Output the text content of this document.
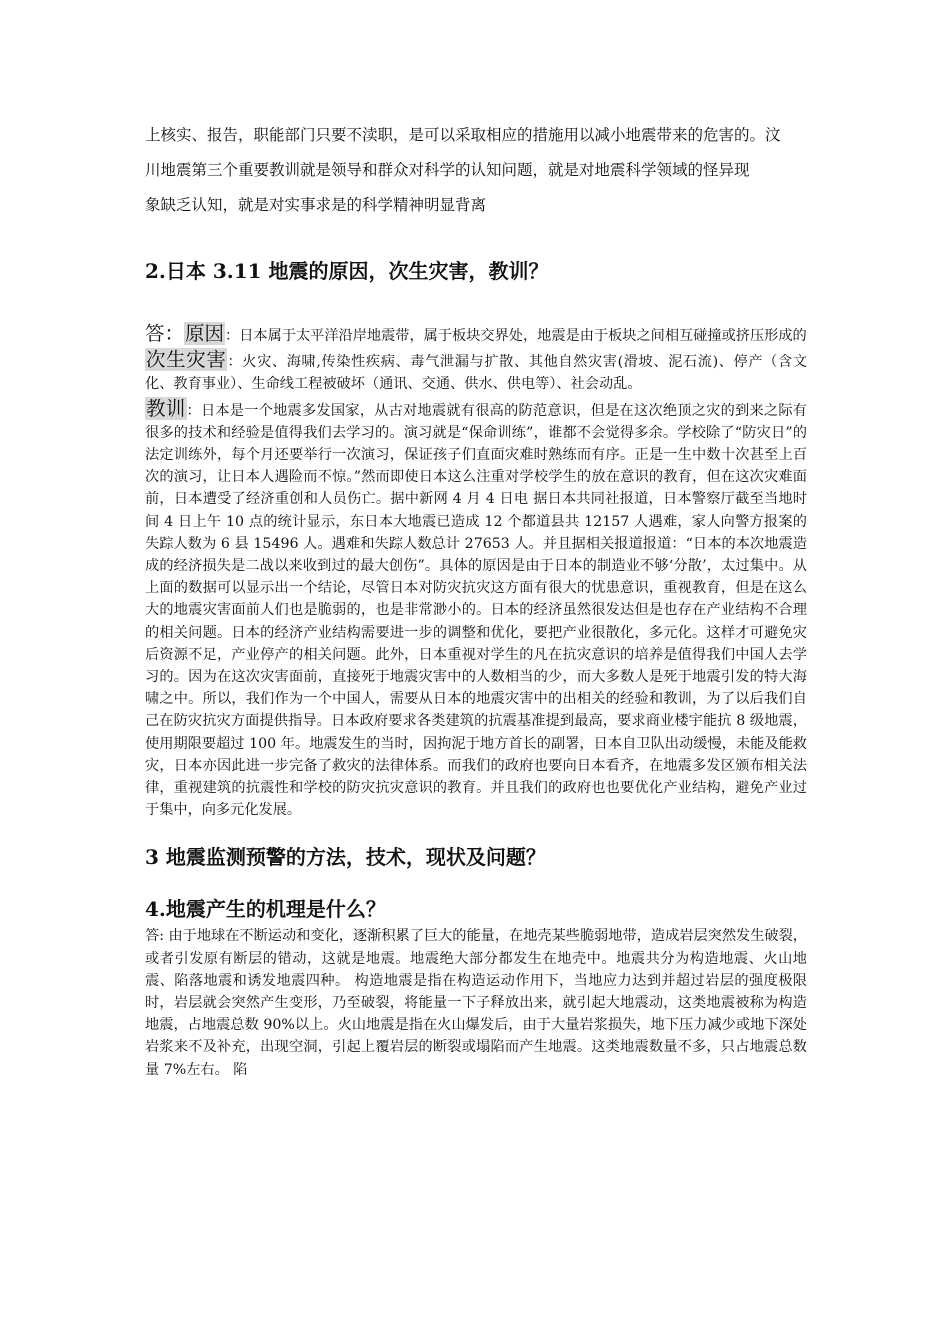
上核实、报告，职能部门只要不渎职，是可以采取相应的措施用以减小地震带来的危害的。汶

川地震第三个重要教训就是领导和群众对科学的认知问题，就是对地震科学领域的怪异现

象缺乏认知，就是对实事求是的科学精神明显背离

2.日本 3.11 地震的原因，次生灾害，教训？

答：原因：日本属于太平洋沿岸地震带，属于板块交界处，地震是由于板块之间相互碰撞或挤压形成的

次生灾害：火灾、海啸,传染性疾病、毒气泄漏与扩散、其他自然灾害(滑坡、泥石流)、停产（含文化、教育事业）、生命线工程被破坏（通讯、交通、供水、供电等）、社会动乱。

教训：日本是一个地震多发国家，从古对地震就有很高的防范意识，但是在这次绝顶之灾的到来之际有很多的技术和经验是值得我们去学习的。演习就是“保命训练”，谁都不会觉得多余。学校除了“防灾日”的法定训练外，每个月还要举行一次演习，保证孩子们直面灾难时熟练而有序。正是一生中数十次甚至上百次的演习，让日本人遇险而不惊。”然而即使日本这么注重对学校学生的放在意识的教育，但在这次灾难面前，日本遭受了经济重创和人员伤亡。据中新网 4 月 4 日电 据日本共同社报道，日本警察厅截至当地时间 4 日上午 10 点的统计显示，东日本大地震已造成 12 个都道县共 12157 人遇难，家人向警方报案的失踪人数为 6 县 15496 人。遇难和失踪人数总计 27653 人。并且据相关报道报道：“日本的本次地震造成的经济损失是二战以来收到过的最大创伤”。具体的原因是由于日本的制造业不够‘分散’，太过集中。从上面的数据可以显示出一个结论，尽管日本对防灾抗灾这方面有很大的忧患意识，重视教育，但是在这么大的地震灾害面前人们也是脆弱的，也是非常渺小的。日本的经济虽然很发达但是也存在产业结构不合理的相关问题。日本的经济产业结构需要进一步的调整和优化，要把产业很散化，多元化。这样才可避免灾后资源不足，产业停产的相关问题。此外，日本重视对学生的凡在抗灾意识的培养是值得我们中国人去学习的。因为在这次灾害面前，直接死于地震灾害中的人数相当的少，而大多数人是死于地震引发的特大海啸之中。所以，我们作为一个中国人，需要从日本的地震灾害中的出相关的经验和教训，为了以后我们自己在防灾抗灾方面提供指导。日本政府要求各类建筑的抗震基准提到最高，要求商业楼宇能抗 8 级地震，使用期限要超过 100 年。地震发生的当时，因拘泥于地方首长的副署，日本自卫队出动缓慢，未能及能救灾，日本亦因此进一步完备了救灾的法律体系。而我们的政府也要向日本看齐，在地震多发区颁布相关法律，重视建筑的抗震性和学校的防灾抗灾意识的教育。并且我们的政府也也要优化产业结构，避免产业过于集中，向多元化发展。

3 地震监测预警的方法，技术，现状及问题？
4.地震产生的机理是什么？

答: 由于地球在不断运动和变化，逐渐积累了巨大的能量，在地壳某些脆弱地带，造成岩层突然发生破裂，或者引发原有断层的错动，这就是地震。地震绝大部分都发生在地壳中。地震共分为构造地震、火山地震、陷落地震和诱发地震四种。 构造地震是指在构造运动作用下，当地应力达到并超过岩层的强度极限时，岩层就会突然产生变形，乃至破裂，将能量一下子释放出来，就引起大地震动，这类地震被称为构造地震，占地震总数 90%以上。火山地震是指在火山爆发后，由于大量岩浆损失，地下压力减少或地下深处岩浆来不及补充，出现空洞，引起上覆岩层的断裂或塌陷而产生地震。这类地震数量不多，只占地震总数量 7%左右。 陷
